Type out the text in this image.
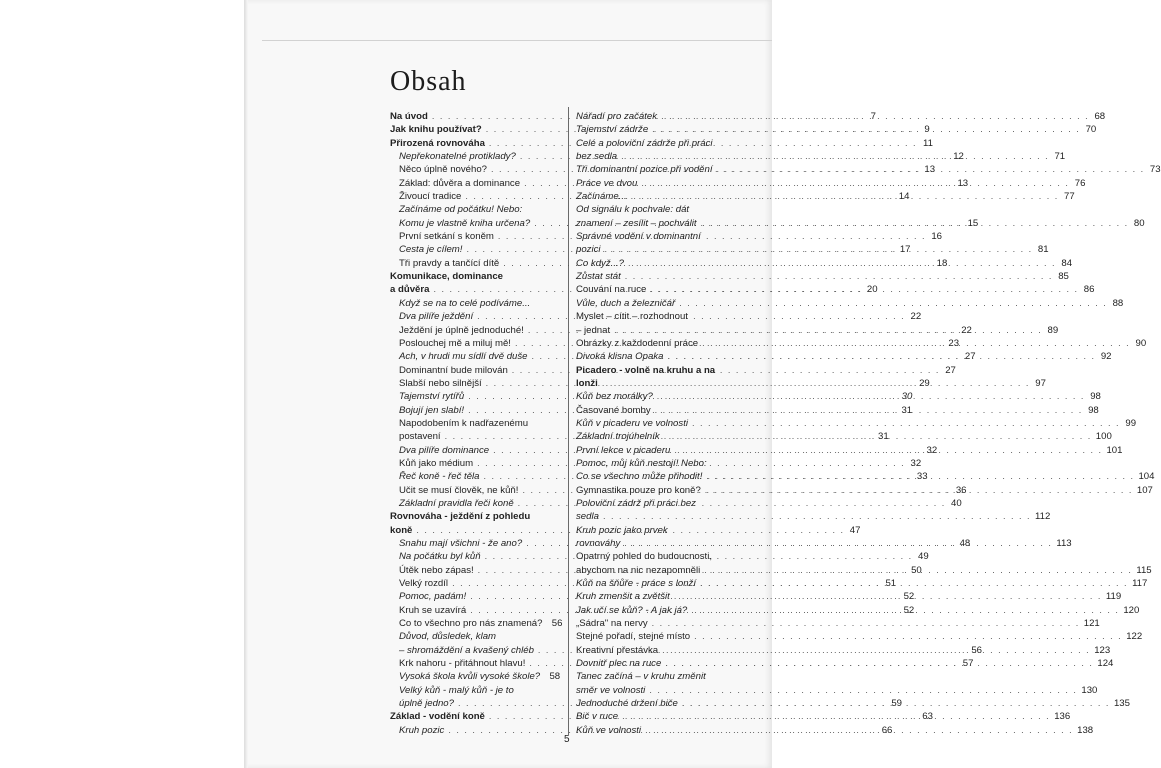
Obsah
Na úvod . . .	7
Jak knihu používat? . . .	9
Přirozená rovnováha . . .	11
Nepřekonatelné protiklady? . . .	12
Něco úplně nového? . . .	13
Základ: důvěra a dominance . . .	13
Živoucí tradice . . .	14
Začínáme od počátku! Nebo:
Komu je vlastně kniha určena? . . .	15
První setkání s koněm . . .	16
Cesta je cílem! . . .	17
Tři pravdy a tančící dítě . . .	18
Komunikace, dominance
a důvěra . . .	20
Když se na to celé podíváme...
Dva pilíře ježdění . . .	22
Ježdění je úplně jednoduché! . . .	22
Poslouchej mě a miluj mě! . . .	23
Ach, v hrudi mu sídlí dvě duše . . .	27
Dominantní bude milován . . .	27
Slabší nebo silnější . . .	29
Tajemství rytířů . . .	30
Bojují jen slabí! . . .	31
Napodobením k nadřazenému
postavení . . .	31
Dva pilíře dominance . . .	32
Kůň jako médium . . .	32
Řeč koně - řeč těla . . .	33
Učit se musí člověk, ne kůň! . . .	36
Základní pravidla řeči koně . . .	40
Rovnováha - ježdění z pohledu
koně . . .	47
Snahu mají všichni - že ano? . . .	48
Na počátku byl kůň . . .	49
Útěk nebo zápas! . . .	50
Velký rozdíl . . .	51
Pomoc, padám! . . .	52
Kruh se uzavírá . . .	52
Co to všechno pro nás znamená? 56
Důvod, důsledek, klam
– shromáždění a kvašený chléb . . .	56
Krk nahoru - přitáhnout hlavu! . . .	57
Vysoká škola kvůli vysoké škole? 58
Velký kůň - malý kůň - je to
úplně jedno? . . .	59
Základ - vodění koně . . .	63
Kruh pozic . . .	66
Nářadí pro začátek . . .	68
Tajemství zádrže . . .	70
Celé a poloviční zádrže při práci
bez sedla . . .	71
Tři dominantní pozice při vodění . . .	73
Práce ve dvou . . .	76
Začínáme... . . .	77
Od signálu k pochvale: dát
znamení – zesílit – pochválit . . .	80
Správné vodění v dominantní
pozici . . .	81
Co když...? . . .	84
Zůstat stát . . .	85
Couvání na ruce . . .	86
Vůle, duch a železničář . . .	88
Myslet – cítit – rozhodnout
– jednat . . .	89
Obrázky z každodenní práce . . .	90
Divoká klisna Opaka . . .	92
Picadero - volně na kruhu a na
lonži . . .	97
Kůň bez morálky? . . .	98
Časované bomby . . .	98
Kůň v picaderu ve volnosti . . .	99
Základní trojúhelník . . .	100
První lekce v picaderu . . .	101
Pomoc, můj kůň nestojí! Nebo:
Co se všechno může přihodit! . . .	104
Gymnastika pouze pro koně? . . .	107
Poloviční zádrž při práci bez
sedla . . .	112
Kruh pozic jako prvek
rovnováhy . . .	113
Opatrný pohled do budoucnosti,
abychom na nic nezapomněli . . .	115
Kůň na šňůře - práce s lonží . . .	117
Kruh zmenšit a zvětšit . . .	119
Jak učí se kůň? - A jak já? . . .	120
„Sádra" na nervy . . .	121
Stejné pořadí, stejné místo . . .	122
Kreativní přestávka . . .	123
Dovnitř plec na ruce . . .	124
Tanec začíná – v kruhu změnit
směr ve volnosti . . .	130
Jednoduché držení biče . . .	135
Bič v ruce . . .	136
Kůň ve volnosti . . .	138
5
